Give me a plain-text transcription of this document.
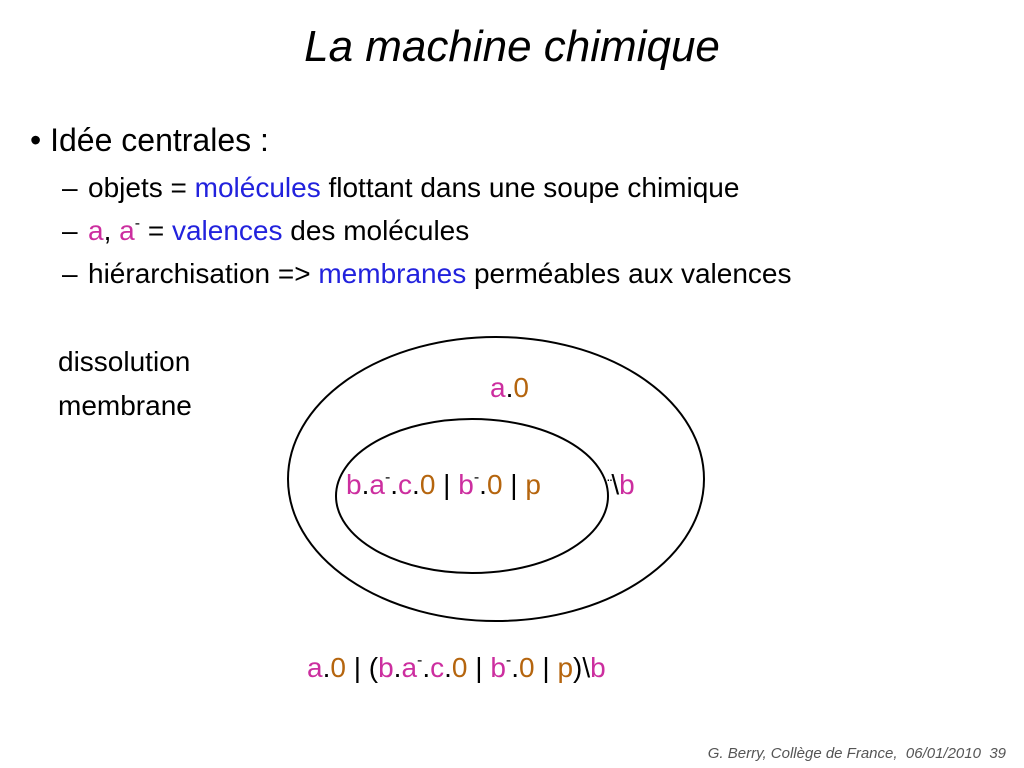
La machine chimique
• Idée centrales :
– objets = molécules flottant dans une soupe chimique
– a, a- = valences des molécules
– hiérarchisation => membranes perméables aux valences
dissolution
membrane
a.0
b.a-.c.0 | b-.0 | p	··\b
a.0 | (b.a-.c.0 | b-.0 | p)\b
G. Berry, Collège de France, 06/01/2010 39
